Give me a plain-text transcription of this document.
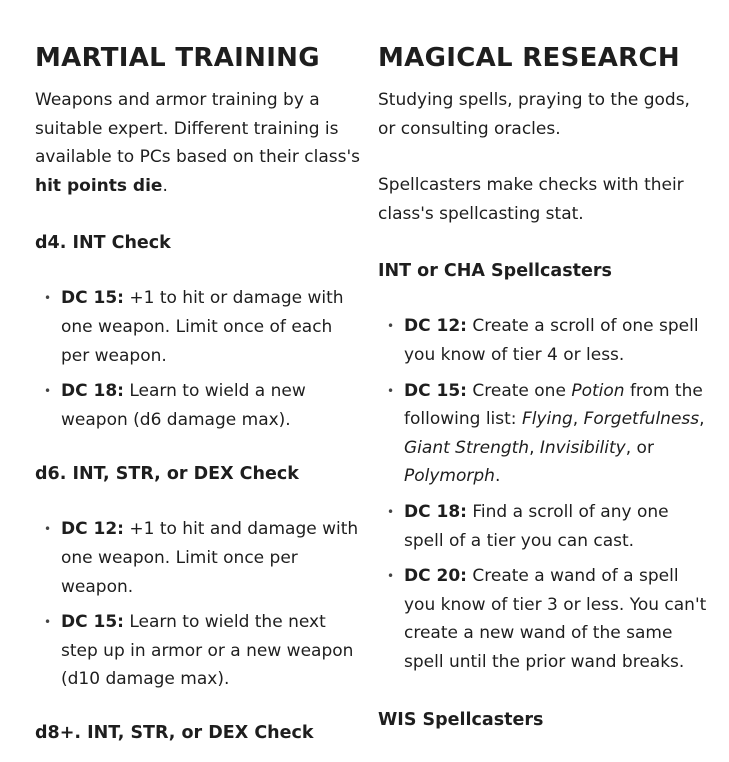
MARTIAL TRAINING

Weapons and armor training by a suitable expert. Different training is available to PCs based on their class's hit points die.

d4. INT Check

• DC 15: +1 to hit or damage with one weapon. Limit once of each per weapon.
• DC 18: Learn to wield a new weapon (d6 damage max).

d6. INT, STR, or DEX Check

• DC 12: +1 to hit and damage with one weapon. Limit once per weapon.
• DC 15: Learn to wield the next step up in armor or a new weapon (d10 damage max).

d8+. INT, STR, or DEX Check

MAGICAL RESEARCH

Studying spells, praying to the gods, or consulting oracles.

Spellcasters make checks with their class's spellcasting stat.

INT or CHA Spellcasters

• DC 12: Create a scroll of one spell you know of tier 4 or less.
• DC 15: Create one Potion from the following list: Flying, Forgetfulness, Giant Strength, Invisibility, or Polymorph.
• DC 18: Find a scroll of any one spell of a tier you can cast.
• DC 20: Create a wand of a spell you know of tier 3 or less. You can't create a new wand of the same spell until the prior wand breaks.

WIS Spellcasters
